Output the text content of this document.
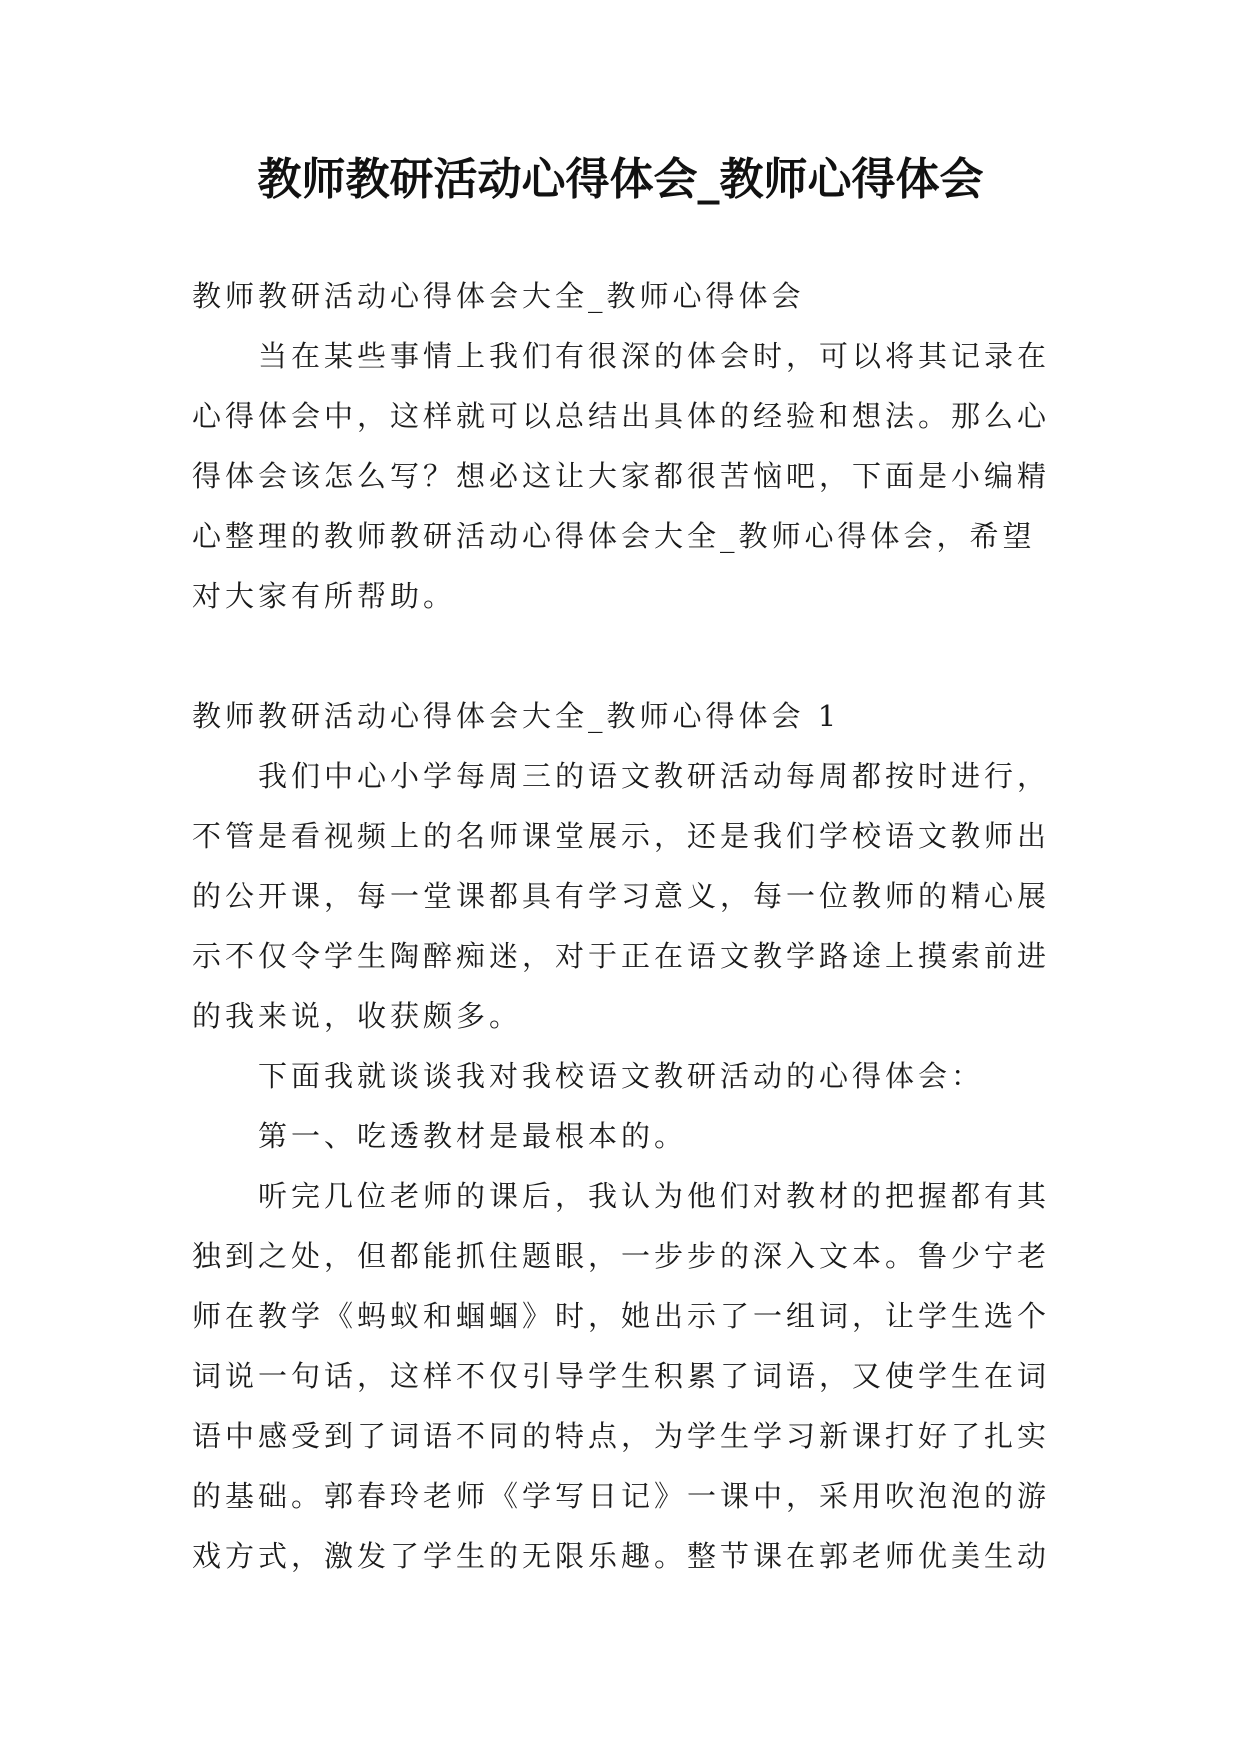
教师教研活动心得体会_教师心得体会
教师教研活动心得体会大全_教师心得体会
当在某些事情上我们有很深的体会时，可以将其记录在
心得体会中，这样就可以总结出具体的经验和想法。那么心
得体会该怎么写？想必这让大家都很苦恼吧，下面是小编精
心整理的教师教研活动心得体会大全_教师心得体会，希望
对大家有所帮助。
教师教研活动心得体会大全_教师心得体会 1
我们中心小学每周三的语文教研活动每周都按时进行，
不管是看视频上的名师课堂展示，还是我们学校语文教师出
的公开课，每一堂课都具有学习意义，每一位教师的精心展
示不仅令学生陶醉痴迷，对于正在语文教学路途上摸索前进
的我来说，收获颇多。
下面我就谈谈我对我校语文教研活动的心得体会：
第一、吃透教材是最根本的。
听完几位老师的课后，我认为他们对教材的把握都有其
独到之处，但都能抓住题眼，一步步的深入文本。鲁少宁老
师在教学《蚂蚁和蝈蝈》时，她出示了一组词，让学生选个
词说一句话，这样不仅引导学生积累了词语，又使学生在词
语中感受到了词语不同的特点，为学生学习新课打好了扎实
的基础。郭春玲老师《学写日记》一课中，采用吹泡泡的游
戏方式，激发了学生的无限乐趣。整节课在郭老师优美生动
